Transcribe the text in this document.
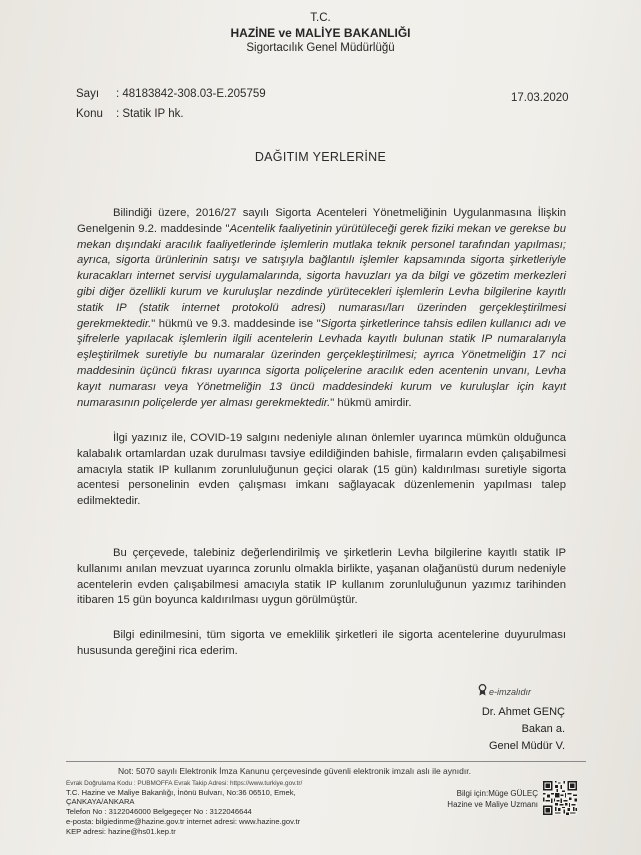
T.C.
HAZİNE ve MALİYE BAKANLIĞI
Sigortacılık Genel Müdürlüğü
Sayı : 48183842-308.03-E.205759
Konu : Statik IP hk.
17.03.2020
DAĞITIM YERLERİNE
Bilindiği üzere, 2016/27 sayılı Sigorta Acenteleri Yönetmeliğinin Uygulanmasına İlişkin Genelgenin 9.2. maddesinde "Acentelik faaliyetinin yürütüleceği gerek fiziki mekan ve gerekse bu mekan dışındaki aracılık faaliyetlerinde işlemlerin mutlaka teknik personel tarafından yapılması; ayrıca, sigorta ürünlerinin satışı ve satışıyla bağlantılı işlemler kapsamında sigorta şirketleriyle kuracakları internet servisi uygulamalarında, sigorta havuzları ya da bilgi ve gözetim merkezleri gibi diğer özellikli kurum ve kuruluşlar nezdinde yürütecekleri işlemlerin Levha bilgilerine kayıtlı statik IP (statik internet protokolü adresi) numarası/ları üzerinden gerçekleştirilmesi gerekmektedir." hükmü ve 9.3. maddesinde ise "Sigorta şirketlerince tahsis edilen kullanıcı adı ve şifrelerle yapılacak işlemlerin ilgili acentelerin Levhada kayıtlı bulunan statik IP numaralarıyla eşleştirilmek suretiyle bu numaralar üzerinden gerçekleştirilmesi; ayrıca Yönetmeliğin 17 nci maddesinin üçüncü fıkrası uyarınca sigorta poliçelerine aracılık eden acentenin unvanı, Levha kayıt numarası veya Yönetmeliğin 13 üncü maddesindeki kurum ve kuruluşlar için kayıt numarasının poliçelerde yer alması gerekmektedir." hükmü amirdir.
İlgi yazınız ile, COVID-19 salgını nedeniyle alınan önlemler uyarınca mümkün olduğunca kalabalık ortamlardan uzak durulması tavsiye edildiğinden bahisle, firmaların evden çalışabilmesi amacıyla statik IP kullanım zorunluluğunun geçici olarak (15 gün) kaldırılması suretiyle sigorta acentesi personelinin evden çalışması imkanı sağlayacak düzenlemenin yapılması talep edilmektedir.
Bu çerçevede, talebiniz değerlendirilmiş ve şirketlerin Levha bilgilerine kayıtlı statik IP kullanımı anılan mevzuat uyarınca zorunlu olmakla birlikte, yaşanan olağanüstü durum nedeniyle acentelerin evden çalışabilmesi amacıyla statik IP kullanım zorunluluğunun yazımız tarihinden itibaren 15 gün boyunca kaldırılması uygun görülmüştür.
Bilgi edinilmesini, tüm sigorta ve emeklilik şirketleri ile sigorta acentelerine duyurulması hususunda gereğini rica ederim.
e-imzalıdır
Dr. Ahmet GENÇ
Bakan a.
Genel Müdür V.
Not: 5070 sayılı Elektronik İmza Kanunu çerçevesinde güvenli elektronik imzalı aslı ile aynıdır.
Evrak Doğrulama Kodu : PUBMOFFA Evrak Takip Adresi: https://www.turkiye.gov.tr/
T.C. Hazine ve Maliye Bakanlığı, İnönü Bulvarı, No:36 06510, Emek,
ÇANKAYA/ANKARA
Telefon No : 3122046000 Belgegeçer No : 3122046644
e-posta: bilgiedinme@hazine.gov.tr internet adresi: www.hazine.gov.tr
KEP adresi: hazine@hs01.kep.tr
Bilgi için:Müge GÜLEÇ
Hazine ve Maliye Uzmanı
